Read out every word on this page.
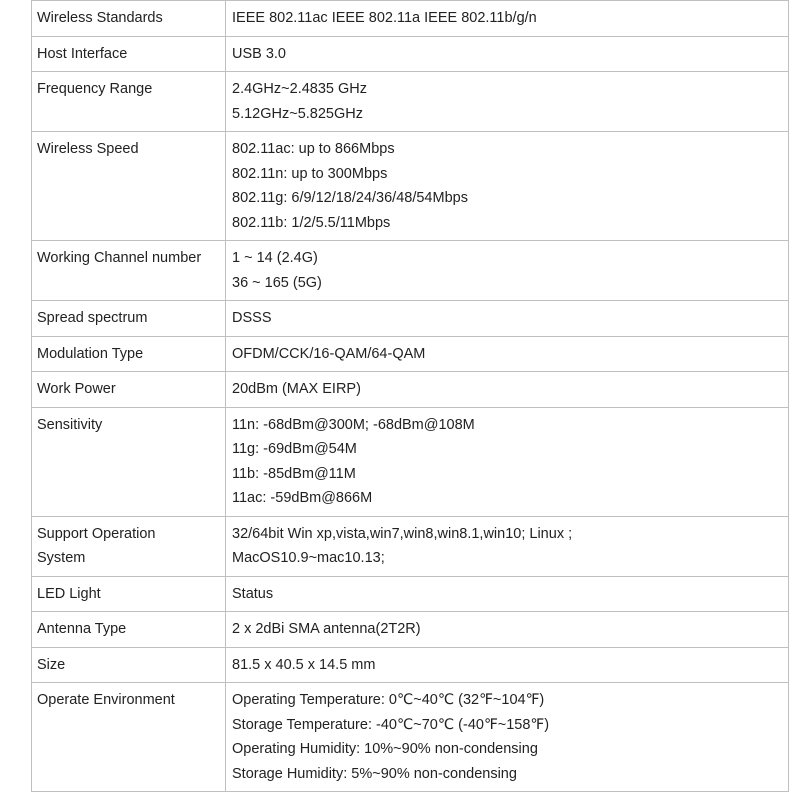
Wireless Standards	IEEE 802.11ac IEEE 802.11a IEEE 802.11b/g/n

Host Interface	USB 3.0

Frequency Range	2.4GHz~2.4835 GHz
5.12GHz~5.825GHz

Wireless Speed	802.11ac: up to 866Mbps
802.11n: up to 300Mbps
802.11g: 6/9/12/18/24/36/48/54Mbps
802.11b: 1/2/5.5/11Mbps

Working Channel number	1 ~ 14 (2.4G)
36 ~ 165 (5G)

Spread spectrum	DSSS

Modulation Type	OFDM/CCK/16-QAM/64-QAM

Work Power	20dBm (MAX EIRP)

Sensitivity	11n: -68dBm@300M; -68dBm@108M
11g: -69dBm@54M
11b: -85dBm@11M
11ac: -59dBm@866M

Support Operation
System	32/64bit Win xp,vista,win7,win8,win8.1,win10; Linux ;
MacOS10.9~mac10.13;

LED Light	Status

Antenna Type	2 x 2dBi SMA antenna(2T2R)

Size	81.5 x 40.5 x 14.5 mm

Operate Environment	Operating Temperature: 0℃~40℃ (32℉~104℉)
Storage Temperature: -40℃~70℃ (-40℉~158℉)
Operating Humidity: 10%~90% non-condensing
Storage Humidity: 5%~90% non-condensing
